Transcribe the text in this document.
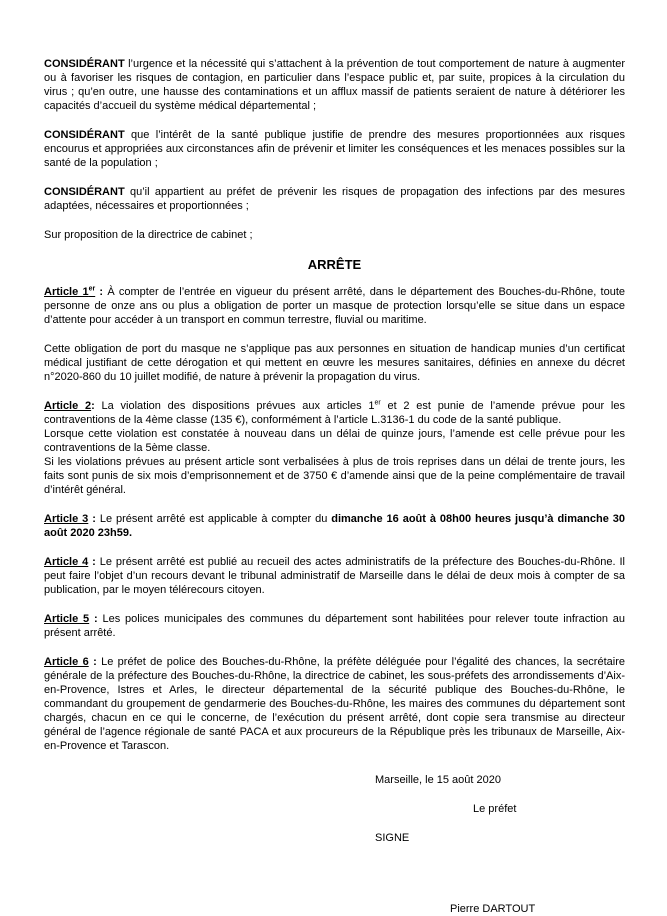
CONSIDÉRANT l’urgence et la nécessité qui s’attachent à la prévention de tout comportement de nature à augmenter ou à favoriser les risques de contagion, en particulier dans l’espace public et, par suite, propices à la circulation du virus ; qu’en outre, une hausse des contaminations et un afflux massif de patients seraient de nature à détériorer les capacités d’accueil du système médical départemental ;

CONSIDÉRANT que l’intérêt de la santé publique justifie de prendre des mesures proportionnées aux risques encourus et appropriées aux circonstances afin de prévenir et limiter les conséquences et les menaces possibles sur la santé de la population ;

CONSIDÉRANT qu’il appartient au préfet de prévenir les risques de propagation des infections par des mesures adaptées, nécessaires et proportionnées ;

Sur proposition de la directrice de cabinet ;

ARRÊTE

Article 1er : À compter de l’entrée en vigueur du présent arrêté, dans le département des Bouches-du-Rhône, toute personne de onze ans ou plus a obligation de porter un masque de protection lorsqu’elle se situe dans un espace d’attente pour accéder à un transport en commun terrestre, fluvial ou maritime.

Cette obligation de port du masque ne s’applique pas aux personnes en situation de handicap munies d’un certificat médical justifiant de cette dérogation et qui mettent en œuvre les mesures sanitaires, définies en annexe du décret n°2020-860 du 10 juillet modifié, de nature à prévenir la propagation du virus.

Article 2: La violation des dispositions prévues aux articles 1er et 2 est punie de l’amende prévue pour les contraventions de la 4ème classe (135 €), conformément à l’article L.3136-1 du code de la santé publique.

Lorsque cette violation est constatée à nouveau dans un délai de quinze jours, l’amende est celle prévue pour les contraventions de la 5ème classe.

Si les violations prévues au présent article sont verbalisées à plus de trois reprises dans un délai de trente jours, les faits sont punis de six mois d’emprisonnement et de 3750 € d’amende ainsi que de la peine complémentaire de travail d’intérêt général.

Article 3 : Le présent arrêté est applicable à compter du dimanche 16 août à 08h00 heures jusqu’à dimanche 30 août 2020 23h59.

Article 4 : Le présent arrêté est publié au recueil des actes administratifs de la préfecture des Bouches-du-Rhône. Il peut faire l’objet d’un recours devant le tribunal administratif de Marseille dans le délai de deux mois à compter de sa publication, par le moyen télérecours citoyen.

Article 5 : Les polices municipales des communes du département sont habilitées pour relever toute infraction au présent arrêté.

Article 6 : Le préfet de police des Bouches-du-Rhône, la préfète déléguée pour l’égalité des chances, la secrétaire générale de la préfecture des Bouches-du-Rhône, la directrice de cabinet, les sous-préfets des arrondissements d’Aix-en-Provence, Istres et Arles, le directeur départemental de la sécurité publique des Bouches-du-Rhône, le commandant du groupement de gendarmerie des Bouches-du-Rhône, les maires des communes du département sont chargés, chacun en ce qui le concerne, de l’exécution du présent arrêté, dont copie sera transmise au directeur général de l’agence régionale de santé PACA et aux procureurs de la République près les tribunaux de Marseille, Aix-en-Provence et Tarascon.

Marseille, le 15 août 2020
Le préfet
SIGNE
Pierre DARTOUT
